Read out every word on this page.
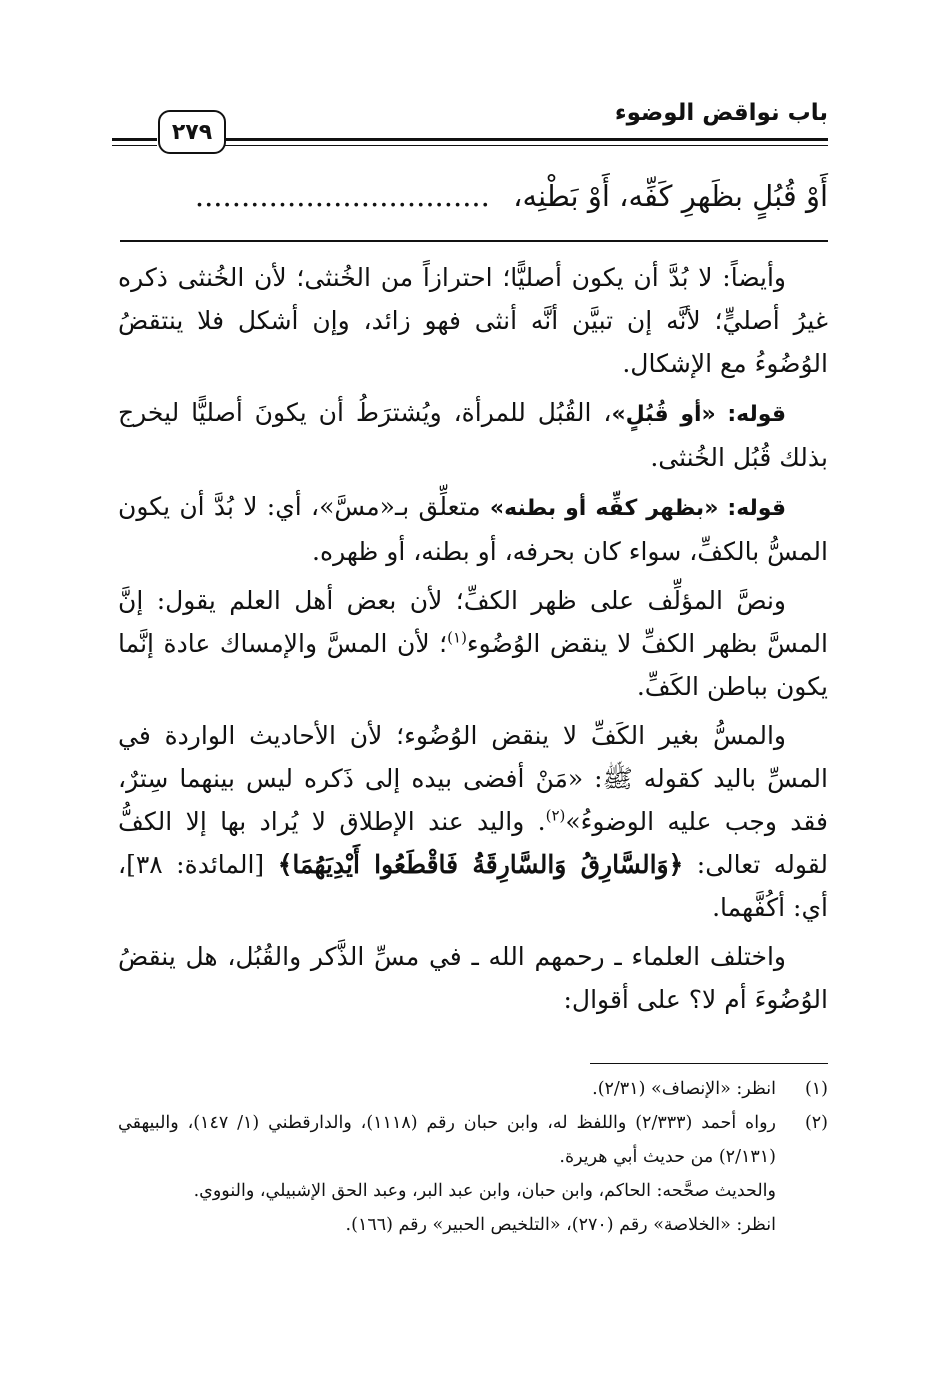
باب نواقض الوضوء
٢٧٩
أَوْ قُبُلٍ بظَهرِ كَفِّه، أَوْ بَطْنِه، ................................

وأيضاً: لا بُدَّ أن يكون أصليًّا؛ احترازاً من الخُنثى؛ لأن الخُنثى ذكره غيرُ أصليٍّ؛ لأنَّه إن تبيَّن أنَّه أنثى فهو زائد، وإن أشكل فلا ينتقضُ الوُضُوءُ مع الإشكال.

قوله: «أو قُبُلٍ»، القُبُل للمرأة، ويُشترَطُ أن يكونَ أصليًّا ليخرج بذلك قُبُل الخُنثى.

قوله: «بظهر كفِّه أو بطنه» متعلِّق بـ«مسَّ»، أي: لا بُدَّ أن يكون المسُّ بالكفِّ، سواء كان بحرفه، أو بطنه، أو ظهره.

ونصَّ المؤلِّف على ظهر الكفِّ؛ لأن بعض أهل العلم يقول: إنَّ المسَّ بظهر الكفِّ لا ينقض الوُضُوء$^{(١)}$؛ لأن المسَّ والإمساك عادة إنَّما يكون بباطن الكَفِّ.

والمسُّ بغير الكَفِّ لا ينقض الوُضُوء؛ لأن الأحاديث الواردة في المسِّ باليد كقوله ﷺ: «مَنْ أفضى بيده إلى ذَكره ليس بينهما سِترٌ، فقد وجب عليه الوضوءُ»$^{(٢)}$. واليد عند الإطلاق لا يُراد بها إلا الكفُّ لقوله تعالى: ﴿وَالسَّارِقُ وَالسَّارِقَةُ فَاقْطَعُوا أَيْدِيَهُمَا﴾ [المائدة: ٣٨]، أي: أكُفَّهما.

واختلف العلماء ـ رحمهم الله ـ في مسِّ الذَّكر والقُبُل، هل ينقضُ الوُضُوءَ أم لا؟ على أقوال:

(١)
انظر: «الإنصاف» (٢/٣١).
(٢)
رواه أحمد (٢/٣٣٣) واللفظ له، وابن حبان رقم (١١١٨)، والدارقطني (١/ ١٤٧)، والبيهقي (٢/١٣١) من حديث أبي هريرة.
والحديث صحَّحه: الحاكم، وابن حبان، وابن عبد البر، وعبد الحق الإشبيلي، والنووي.
انظر: «الخلاصة» رقم (٢٧٠)، «التلخيص الحبير» رقم (١٦٦).
